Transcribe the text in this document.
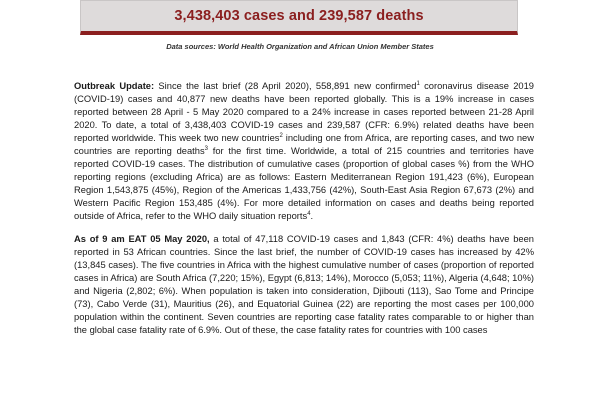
3,438,403 cases and 239,587 deaths
Data sources: World Health Organization and African Union Member States

Outbreak Update: Since the last brief (28 April 2020), 558,891 new confirmed$^1$ coronavirus disease 2019 (COVID-19) cases and 40,877 new deaths have been reported globally. This is a 19% increase in cases reported between 28 April - 5 May 2020 compared to a 24% increase in cases reported between 21-28 April 2020. To date, a total of 3,438,403 COVID-19 cases and 239,587 (CFR: 6.9%) related deaths have been reported worldwide. This week two new countries$^2$ including one from Africa, are reporting cases, and two new countries are reporting deaths$^3$ for the first time. Worldwide, a total of 215 countries and territories have reported COVID-19 cases. The distribution of cumulative cases (proportion of global cases %) from the WHO reporting regions (excluding Africa) are as follows: Eastern Mediterranean Region 191,423 (6%), European Region 1,543,875 (45%), Region of the Americas 1,433,756 (42%), South-East Asia Region 67,673 (2%) and Western Pacific Region 153,485 (4%). For more detailed information on cases and deaths being reported outside of Africa, refer to the WHO daily situation reports$^4$.

As of 9 am EAT 05 May 2020, a total of 47,118 COVID-19 cases and 1,843 (CFR: 4%) deaths have been reported in 53 African countries. Since the last brief, the number of COVID-19 cases has increased by 42% (13,845 cases). The five countries in Africa with the highest cumulative number of cases (proportion of reported cases in Africa) are South Africa (7,220; 15%), Egypt (6,813; 14%), Morocco (5,053; 11%), Algeria (4,648; 10%) and Nigeria (2,802; 6%). When population is taken into consideration, Djibouti (113), Sao Tome and Principe (73), Cabo Verde (31), Mauritius (26), and Equatorial Guinea (22) are reporting the most cases per 100,000 population within the continent. Seven countries are reporting case fatality rates comparable to or higher than the global case fatality rate of 6.9%. Out of these, the case fatality rates for countries with 100 cases
